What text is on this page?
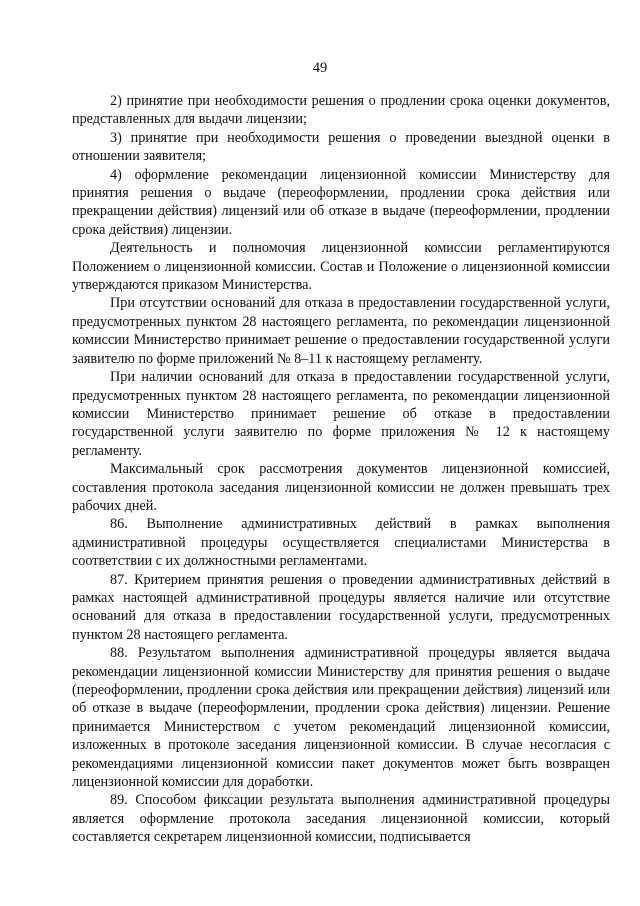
49

2) принятие при необходимости решения о продлении срока оценки документов, представленных для выдачи лицензии;

3) принятие при необходимости решения о проведении выездной оценки в отношении заявителя;

4) оформление рекомендации лицензионной комиссии Министерству для принятия решения о выдаче (переоформлении, продлении срока действия или прекращении действия) лицензий или об отказе в выдаче (переоформлении, продлении срока действия) лицензии.

Деятельность и полномочия лицензионной комиссии регламентируются Положением о лицензионной комиссии. Состав и Положение о лицензионной комиссии утверждаются приказом Министерства.

При отсутствии оснований для отказа в предоставлении государственной услуги, предусмотренных пунктом 28 настоящего регламента, по рекомендации лицензионной комиссии Министерство принимает решение о предоставлении государственной услуги заявителю по форме приложений № 8–11 к настоящему регламенту.

При наличии оснований для отказа в предоставлении государственной услуги, предусмотренных пунктом 28 настоящего регламента, по рекомендации лицензионной комиссии Министерство принимает решение об отказе в предоставлении государственной услуги заявителю по форме приложения № 12 к настоящему регламенту.

Максимальный срок рассмотрения документов лицензионной комиссией, составления протокола заседания лицензионной комиссии не должен превышать трех рабочих дней.

86. Выполнение административных действий в рамках выполнения административной процедуры осуществляется специалистами Министерства в соответствии с их должностными регламентами.

87. Критерием принятия решения о проведении административных действий в рамках настоящей административной процедуры является наличие или отсутствие оснований для отказа в предоставлении государственной услуги, предусмотренных пунктом 28 настоящего регламента.

88. Результатом выполнения административной процедуры является выдача рекомендации лицензионной комиссии Министерству для принятия решения о выдаче (переоформлении, продлении срока действия или прекращении действия) лицензий или об отказе в выдаче (переоформлении, продлении срока действия) лицензии. Решение принимается Министерством с учетом рекомендаций лицензионной комиссии, изложенных в протоколе заседания лицензионной комиссии. В случае несогласия с рекомендациями лицензионной комиссии пакет документов может быть возвращен лицензионной комиссии для доработки.

89. Способом фиксации результата выполнения административной процедуры является оформление протокола заседания лицензионной комиссии, который составляется секретарем лицензионной комиссии, подписывается
